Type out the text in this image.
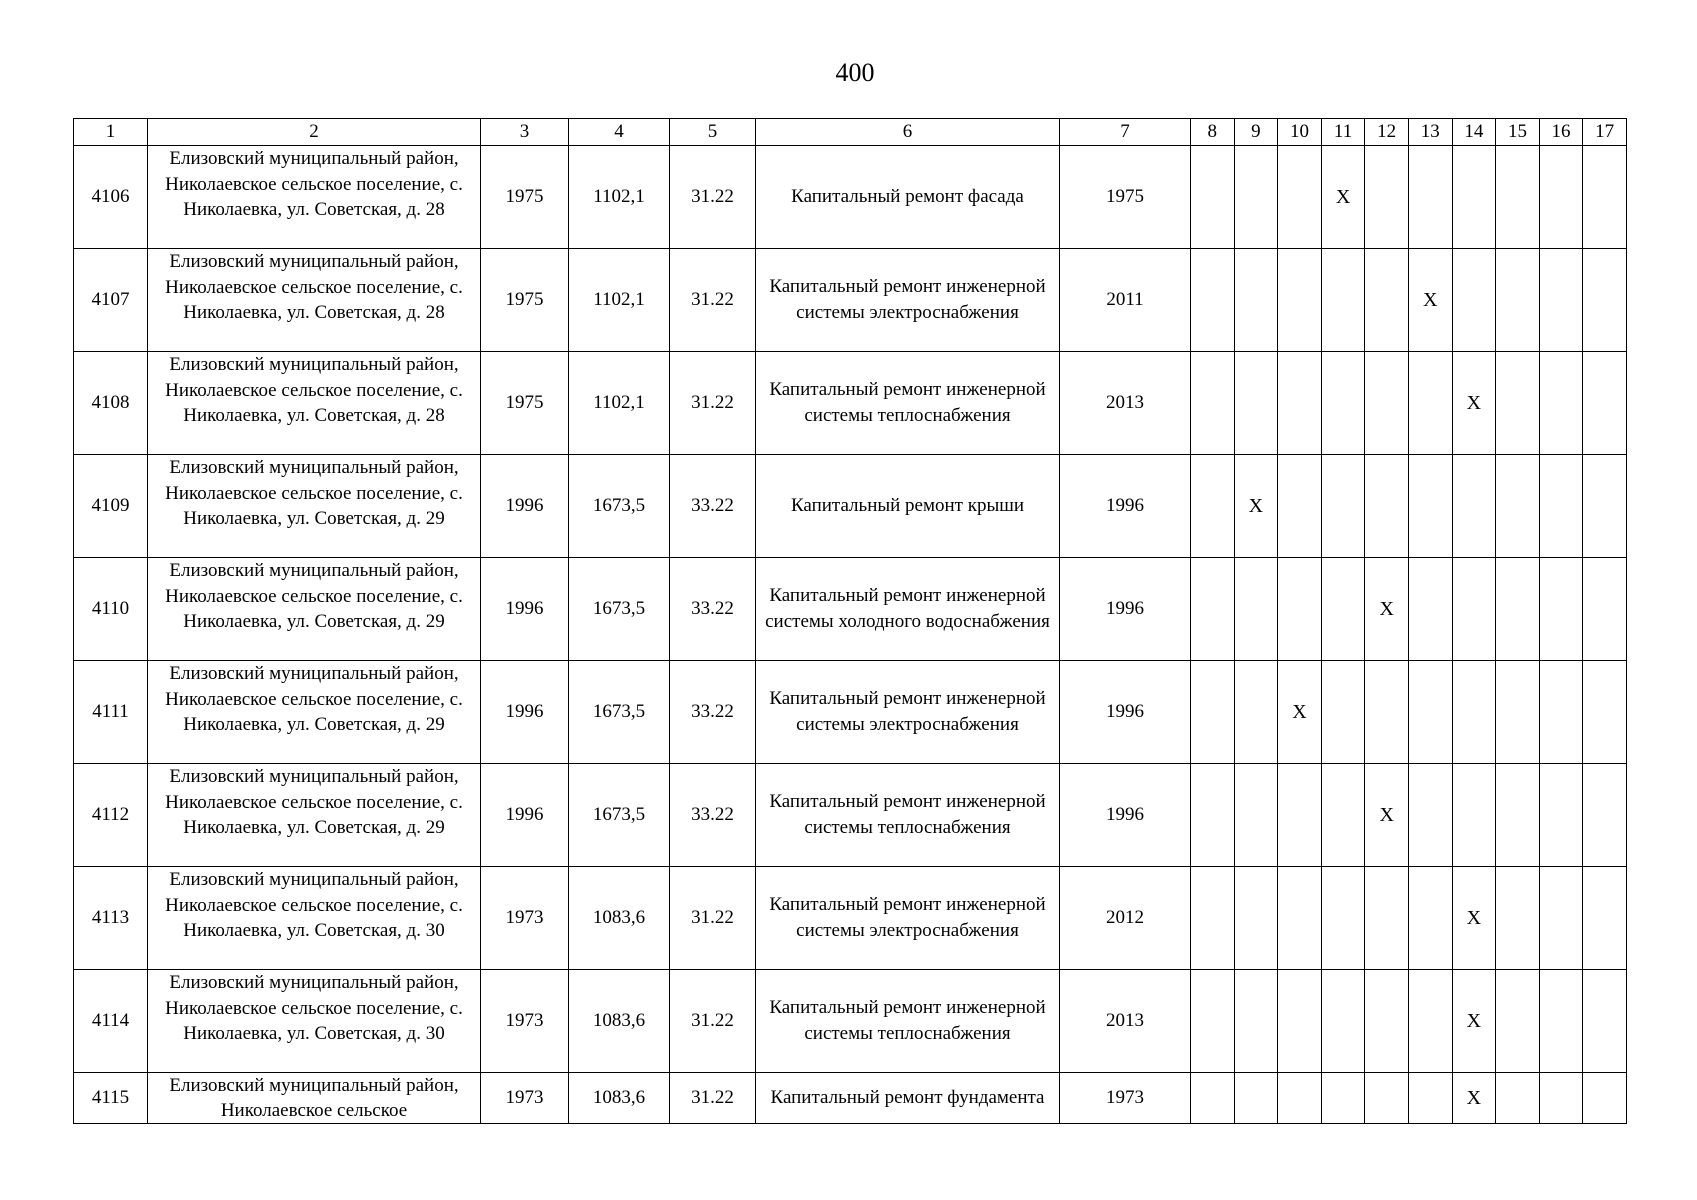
400
1	2	3	4	5	6	7	8	9	10	11	12	13	14	15	16	17
4106	Елизовский муниципальный район, Николаевское сельское поселение, с. Николаевка, ул. Советская, д. 28	1975	1102,1	31.22	Капитальный ремонт фасада	1975				X						
4107	Елизовский муниципальный район, Николаевское сельское поселение, с. Николаевка, ул. Советская, д. 28	1975	1102,1	31.22	Капитальный ремонт инженерной системы электроснабжения	2011						X				
4108	Елизовский муниципальный район, Николаевское сельское поселение, с. Николаевка, ул. Советская, д. 28	1975	1102,1	31.22	Капитальный ремонт инженерной системы теплоснабжения	2013							X			
4109	Елизовский муниципальный район, Николаевское сельское поселение, с. Николаевка, ул. Советская, д. 29	1996	1673,5	33.22	Капитальный ремонт крыши	1996		X								
4110	Елизовский муниципальный район, Николаевское сельское поселение, с. Николаевка, ул. Советская, д. 29	1996	1673,5	33.22	Капитальный ремонт инженерной системы холодного водоснабжения	1996					X					
4111	Елизовский муниципальный район, Николаевское сельское поселение, с. Николаевка, ул. Советская, д. 29	1996	1673,5	33.22	Капитальный ремонт инженерной системы электроснабжения	1996			X							
4112	Елизовский муниципальный район, Николаевское сельское поселение, с. Николаевка, ул. Советская, д. 29	1996	1673,5	33.22	Капитальный ремонт инженерной системы теплоснабжения	1996					X					
4113	Елизовский муниципальный район, Николаевское сельское поселение, с. Николаевка, ул. Советская, д. 30	1973	1083,6	31.22	Капитальный ремонт инженерной системы электроснабжения	2012							X			
4114	Елизовский муниципальный район, Николаевское сельское поселение, с. Николаевка, ул. Советская, д. 30	1973	1083,6	31.22	Капитальный ремонт инженерной системы теплоснабжения	2013							X			
4115	Елизовский муниципальный район, Николаевское сельское	1973	1083,6	31.22	Капитальный ремонт фундамента	1973							X			
